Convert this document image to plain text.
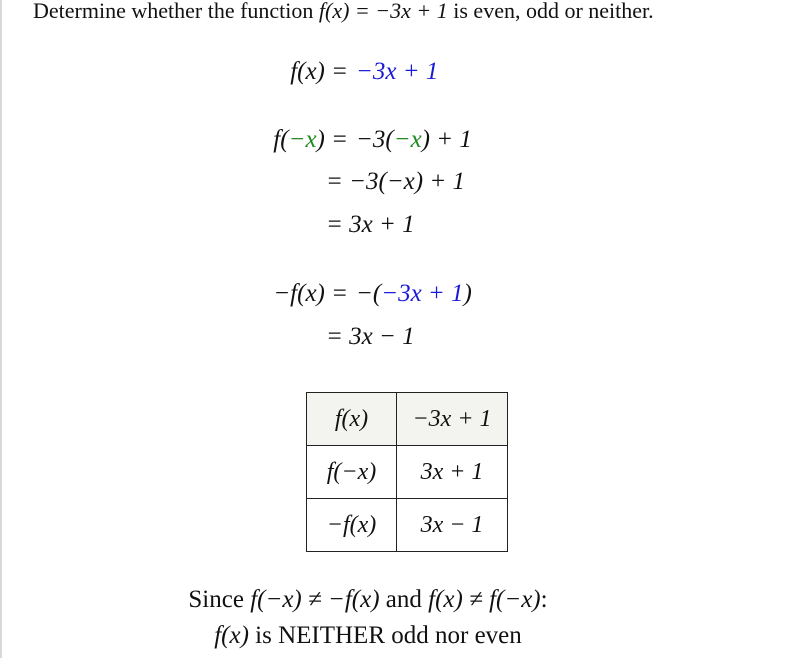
Determine whether the function f(x) = −3x + 1 is even, odd or neither.
f(x) = −3x + 1
f(−x) = −3(−x) + 1
= −3(−x) + 1
= 3x + 1
−f(x) = −(−3x + 1)
= 3x − 1
f(x)	−3x + 1
f(−x)	3x + 1
−f(x)	3x − 1
Since f(−x) ≠ −f(x) and f(x) ≠ f(−x):
f(x) is NEITHER odd nor even
